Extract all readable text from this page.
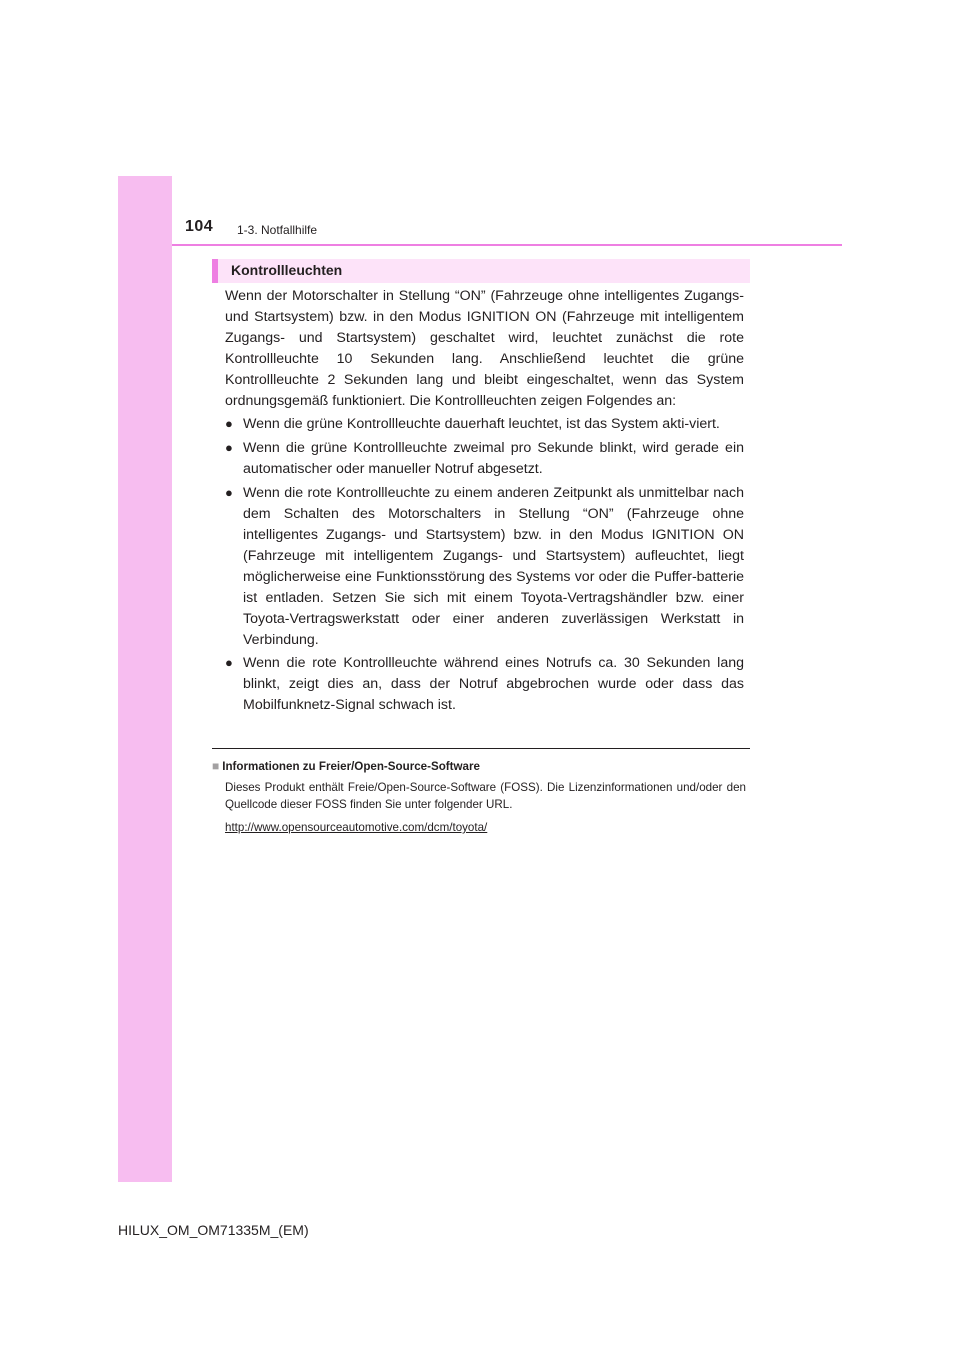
104 1-3. Notfallhilfe
Kontrollleuchten

Wenn der Motorschalter in Stellung “ON” (Fahrzeuge ohne intelligentes Zugangs- und Startsystem) bzw. in den Modus IGNITION ON (Fahrzeuge mit intelligentem Zugangs- und Startsystem) geschaltet wird, leuchtet zunächst die rote Kontrollleuchte 10 Sekunden lang. Anschließend leuchtet die grüne Kontrollleuchte 2 Sekunden lang und bleibt eingeschaltet, wenn das System ordnungsgemäß funktioniert. Die Kontrollleuchten zeigen Folgendes an:

● Wenn die grüne Kontrollleuchte dauerhaft leuchtet, ist das System akti-viert.
● Wenn die grüne Kontrollleuchte zweimal pro Sekunde blinkt, wird gerade ein automatischer oder manueller Notruf abgesetzt.
● Wenn die rote Kontrollleuchte zu einem anderen Zeitpunkt als unmittelbar nach dem Schalten des Motorschalters in Stellung “ON” (Fahrzeuge ohne intelligentes Zugangs- und Startsystem) bzw. in den Modus IGNITION ON (Fahrzeuge mit intelligentem Zugangs- und Startsystem) aufleuchtet, liegt möglicherweise eine Funktionsstörung des Systems vor oder die Puffer-batterie ist entladen. Setzen Sie sich mit einem Toyota-Vertragshändler bzw. einer Toyota-Vertragswerkstatt oder einer anderen zuverlässigen Werkstatt in Verbindung.
● Wenn die rote Kontrollleuchte während eines Notrufs ca. 30 Sekunden lang blinkt, zeigt dies an, dass der Notruf abgebrochen wurde oder dass das Mobilfunknetz-Signal schwach ist.
■ Informationen zu Freier/Open-Source-Software
Dieses Produkt enthält Freie/Open-Source-Software (FOSS). Die Lizenzinformationen und/oder den Quellcode dieser FOSS finden Sie unter folgender URL.
http://www.opensourceautomotive.com/dcm/toyota/
HILUX_OM_OM71335M_(EM)
